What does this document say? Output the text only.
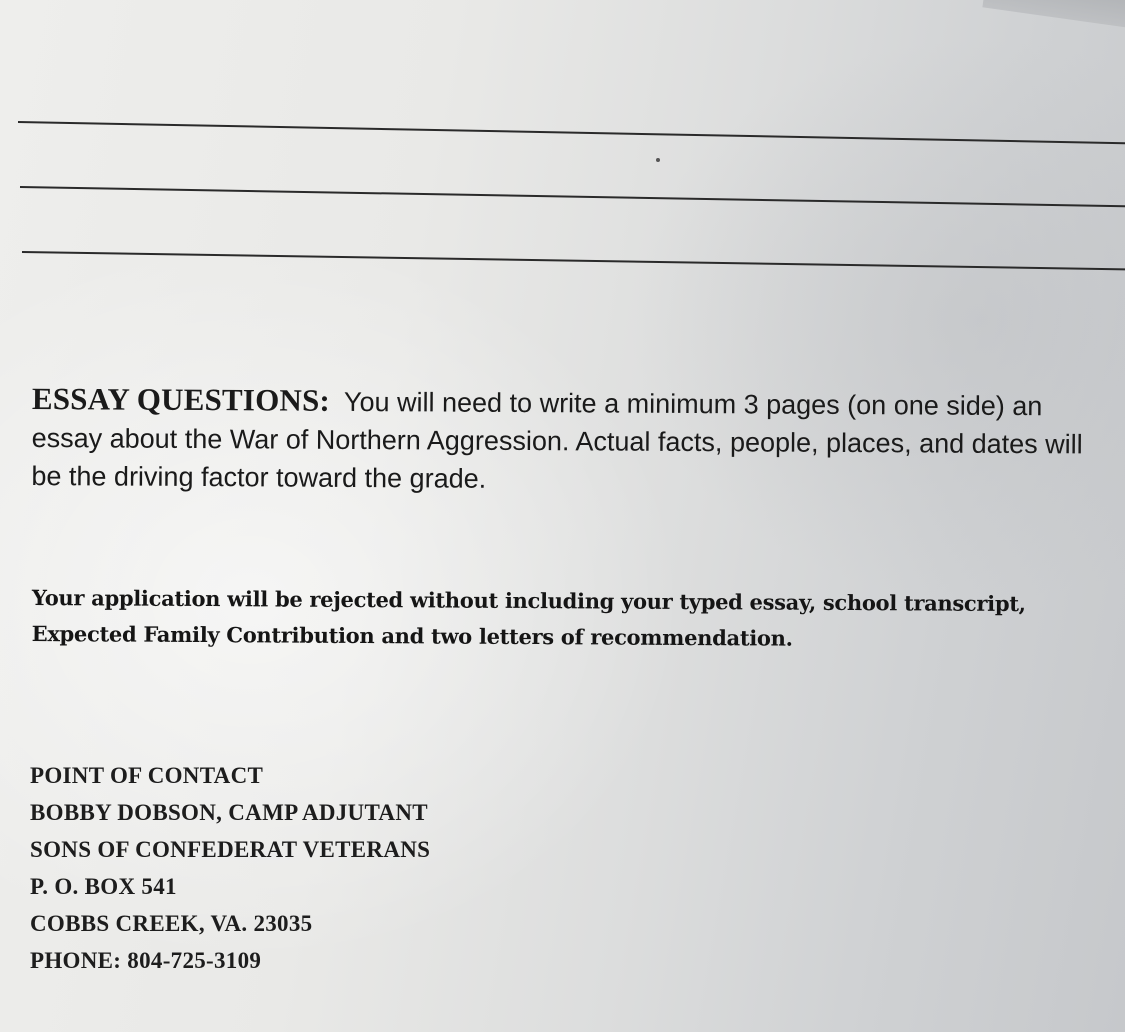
ESSAY QUESTIONS: You will need to write a minimum 3 pages (on one side) an essay about the War of Northern Aggression. Actual facts, people, places, and dates will be the driving factor toward the grade.
Your application will be rejected without including your typed essay, school transcript, Expected Family Contribution and two letters of recommendation.
POINT OF CONTACT
BOBBY DOBSON, CAMP ADJUTANT
SONS OF CONFEDERAT VETERANS
P. O. BOX 541
COBBS CREEK, VA. 23035
PHONE: 804-725-3109
